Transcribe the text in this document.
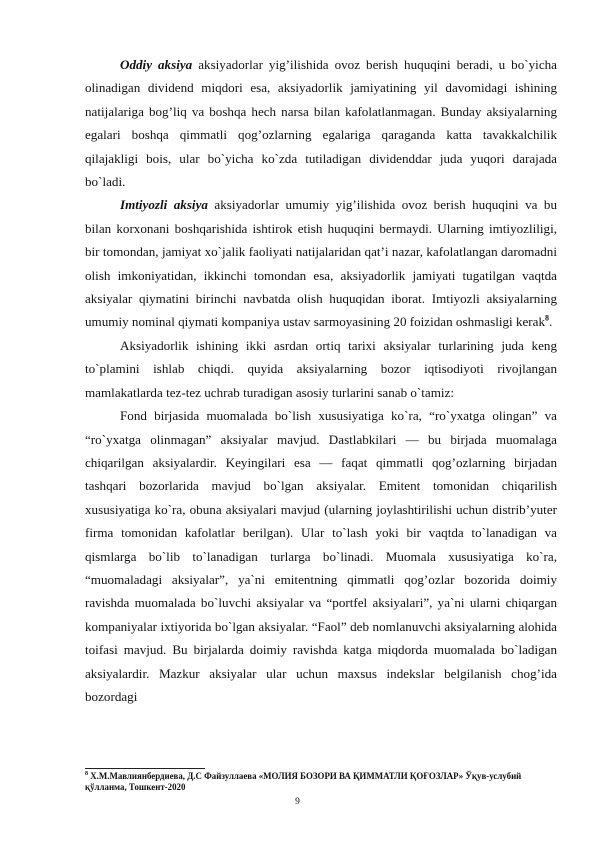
Oddiy aksiya aksiyadorlar yig’ilishida ovoz berish huquqini beradi, u bo`yicha olinadigan dividend miqdori esa, aksiyadorlik jamiyatining yil davomidagi ishining natijalariga bog’liq va boshqa hech narsa bilan kafolatlanmagan. Bunday aksiyalarning egalari boshqa qimmatli qog’ozlarning egalariga qaraganda katta tavakkalchilik qilajakligi bois, ular bo`yicha ko`zda tutiladigan dividenddar juda yuqori darajada bo`ladi.

Imtiyozli aksiya aksiyadorlar umumiy yig’ilishida ovoz berish huquqini va bu bilan korxonani boshqarishida ishtirok etish huquqini bermaydi. Ularning imtiyozliligi, bir tomondan, jamiyat xo`jalik faoliyati natijalaridan qat’i nazar, kafolatlangan daromadni olish imkoniyatidan, ikkinchi tomondan esa, aksiyadorlik jamiyati tugatilgan vaqtda aksiyalar qiymatini birinchi navbatda olish huquqidan iborat. Imtiyozli aksiyalarning umumiy nominal qiymati kompaniya ustav sarmoyasining 20 foizidan oshmasligi kerak$^8$.

Aksiyadorlik ishining ikki asrdan ortiq tarixi aksiyalar turlarining juda keng to`plamini ishlab chiqdi. quyida aksiyalarning bozor iqtisodiyoti rivojlangan mamlakatlarda tez-tez uchrab turadigan asosiy turlarini sanab o`tamiz:

Fond birjasida muomalada bo`lish xususiyatiga ko`ra, “ro`yxatga olingan” va “ro`yxatga olinmagan” aksiyalar mavjud. Dastlabkilari — bu birjada muomalaga chiqarilgan aksiyalardir. Keyingilari esa — faqat qimmatli qog’ozlarning birjadan tashqari bozorlarida mavjud bo`lgan aksiyalar. Emitent tomonidan chiqarilish xususiyatiga ko`ra, obuna aksiyalari mavjud (ularning joylashtirilishi uchun distrib’yuter firma tomonidan kafolatlar berilgan). Ular to`lash yoki bir vaqtda to`lanadigan va qismlarga bo`lib to`lanadigan turlarga bo`linadi. Muomala xususiyatiga ko`ra, “muomaladagi aksiyalar”, ya`ni emitentning qimmatli qog’ozlar bozorida doimiy ravishda muomalada bo`luvchi aksiyalar va “portfel aksiyalari”, ya`ni ularni chiqargan kompaniyalar ixtiyorida bo`lgan aksiyalar. “Faol” deb nomlanuvchi aksiyalarning alohida toifasi mavjud. Bu birjalarda doimiy ravishda katga miqdorda muomalada bo`ladigan aksiyalardir. Mazkur aksiyalar ular uchun maxsus indekslar belgilanish chog’ida bozordagi

$^8$ Х.М.Мавлиянбердиева, Д.С Файзуллаева «МОЛИЯ БОЗОРИ ВА ҚИММАТЛИ ҚОҒОЗЛАР» Ўқув-услубий қўлланма, Тошкент-2020
9
